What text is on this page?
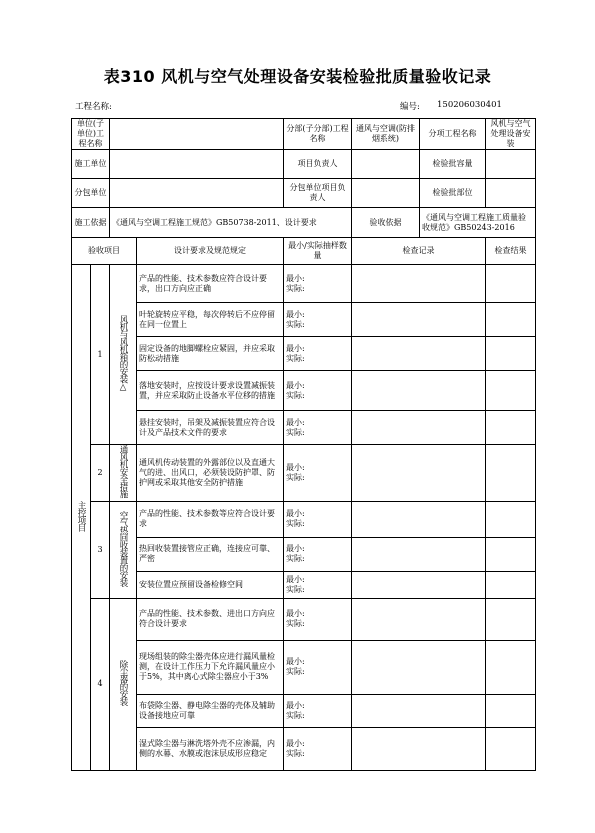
表310 风机与空气处理设备安装检验批质量验收记录
工程名称:	编号: 150206030401
单位(子单位)工程名称				分部(子分部)工程名称	通风与空调(防排烟系统)	分项工程名称	风机与空气处理设备安装
施工单位				项目负责人		检验批容量	
分包单位				分包单位项目负责人		检验批部位	
施工依据		《通风与空调工程施工规范》GB50738-2011、设计要求			验收依据	《通风与空调工程施工质量验收规范》GB50243-2016	
验收项目			设计要求及规范规定	最小/实际抽样数量	检查记录		检查结果
主控项目	1	风机与风机箱的安装△	产品的性能、技术参数应符合设计要求，出口方向应正确	最小:
实际:			

			叶轮旋转应平稳，每次停转后不应停留在同一位置上	最小:
实际:			

			固定设备的地脚螺栓应紧固，并应采取防松动措施	最小:
实际:			

			落地安装时，应按设计要求设置减振装置，并应采取防止设备水平位移的措施	最小:
实际:			

			悬挂安装时，吊架及减振装置应符合设计及产品技术文件的要求	最小:
实际:			

	2	通风机安全措施	通风机传动装置的外露部位以及直通大气的进、出风口，必须装设防护罩、防护网或采取其他安全防护措施	最小:
实际:			

	3	空气热回收装置的安装	产品的性能、技术参数等应符合设计要求	最小:
实际:			

			热回收装置接管应正确，连接应可靠、严密	最小:
实际:			

			安装位置应预留设备检修空间	最小:
实际:			

	4	除尘器的安装	产品的性能、技术参数、进出口方向应符合设计要求	最小:
实际:			

			现场组装的除尘器壳体应进行漏风量检测，在设计工作压力下允许漏风量应小于5%，其中离心式除尘器应小于3%	最小:
实际:			

			布袋除尘器、静电除尘器的壳体及辅助设备接地应可靠	最小:
实际:			

			湿式除尘器与淋洗塔外壳不应渗漏，内侧的水幕、水膜或泡沫层成形应稳定	最小:
实际:			
